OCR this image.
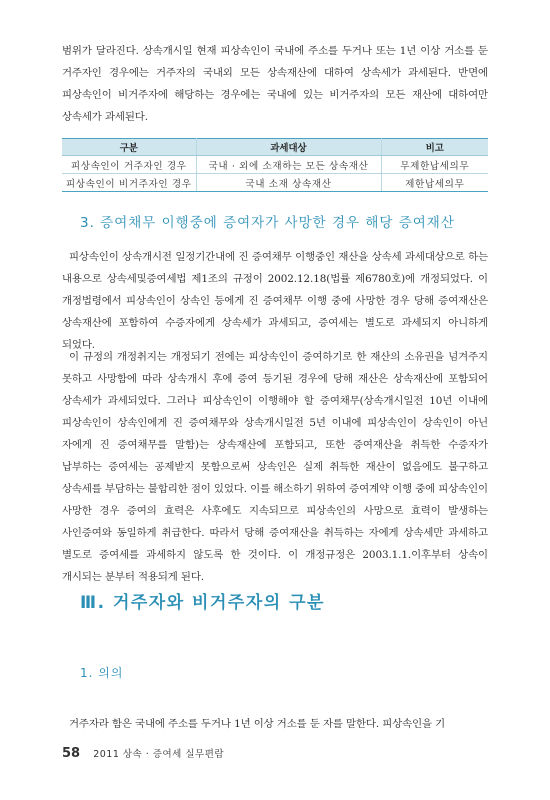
범위가 달라진다. 상속개시일 현재 피상속인이 국내에 주소를 두거나 또는 1년 이상 거소를 둔 거주자인 경우에는 거주자의 국내외 모든 상속재산에 대하여 상속세가 과세된다. 반면에 피상속인이 비거주자에 해당하는 경우에는 국내에 있는 비거주자의 모든 재산에 대하여만 상속세가 과세된다.

구분	과세대상	비고
피상속인이 거주자인 경우	국내 · 외에 소재하는 모든 상속재산	무제한납세의무
피상속인이 비거주자인 경우	국내 소재 상속재산	제한납세의무
3. 증여채무 이행중에 증여자가 사망한 경우 해당 증여재산

피상속인이 상속개시전 일정기간내에 진 증여채무 이행중인 재산을 상속세 과세대상으로 하는 내용으로 상속세및증여세법 제1조의 규정이 2002.12.18(법률 제6780호)에 개정되었다. 이 개정법령에서 피상속인이 상속인 등에게 진 증여채무 이행 중에 사망한 경우 당해 증여재산은 상속재산에 포함하여 수증자에게 상속세가 과세되고, 증여세는 별도로 과세되지 아니하게 되었다.

이 규정의 개정취지는 개정되기 전에는 피상속인이 증여하기로 한 재산의 소유권을 넘겨주지 못하고 사망함에 따라 상속개시 후에 증여 등기된 경우에 당해 재산은 상속재산에 포함되어 상속세가 과세되었다. 그러나 피상속인이 이행해야 할 증여채무(상속개시일전 10년 이내에 피상속인이 상속인에게 진 증여채무와 상속개시일전 5년 이내에 피상속인이 상속인이 아닌 자에게 진 증여채무를 말함)는 상속재산에 포함되고, 또한 증여재산을 취득한 수증자가 납부하는 증여세는 공제받지 못함으로써 상속인은 실제 취득한 재산이 없음에도 불구하고 상속세를 부담하는 불합리한 점이 있었다. 이를 해소하기 위하여 증여계약 이행 중에 피상속인이 사망한 경우 증여의 효력은 사후에도 지속되므로 피상속인의 사망으로 효력이 발생하는 사인증여와 동일하게 취급한다. 따라서 당해 증여재산을 취득하는 자에게 상속세만 과세하고 별도로 증여세를 과세하지 않도록 한 것이다. 이 개정규정은 2003.1.1.이후부터 상속이 개시되는 분부터 적용되게 된다.

Ⅲ. 거주자와 비거주자의 구분
1. 의의

거주자라 함은 국내에 주소를 두거나 1년 이상 거소를 둔 자를 말한다. 피상속인을 기

58 2011 상속 · 증여세 실무편람
